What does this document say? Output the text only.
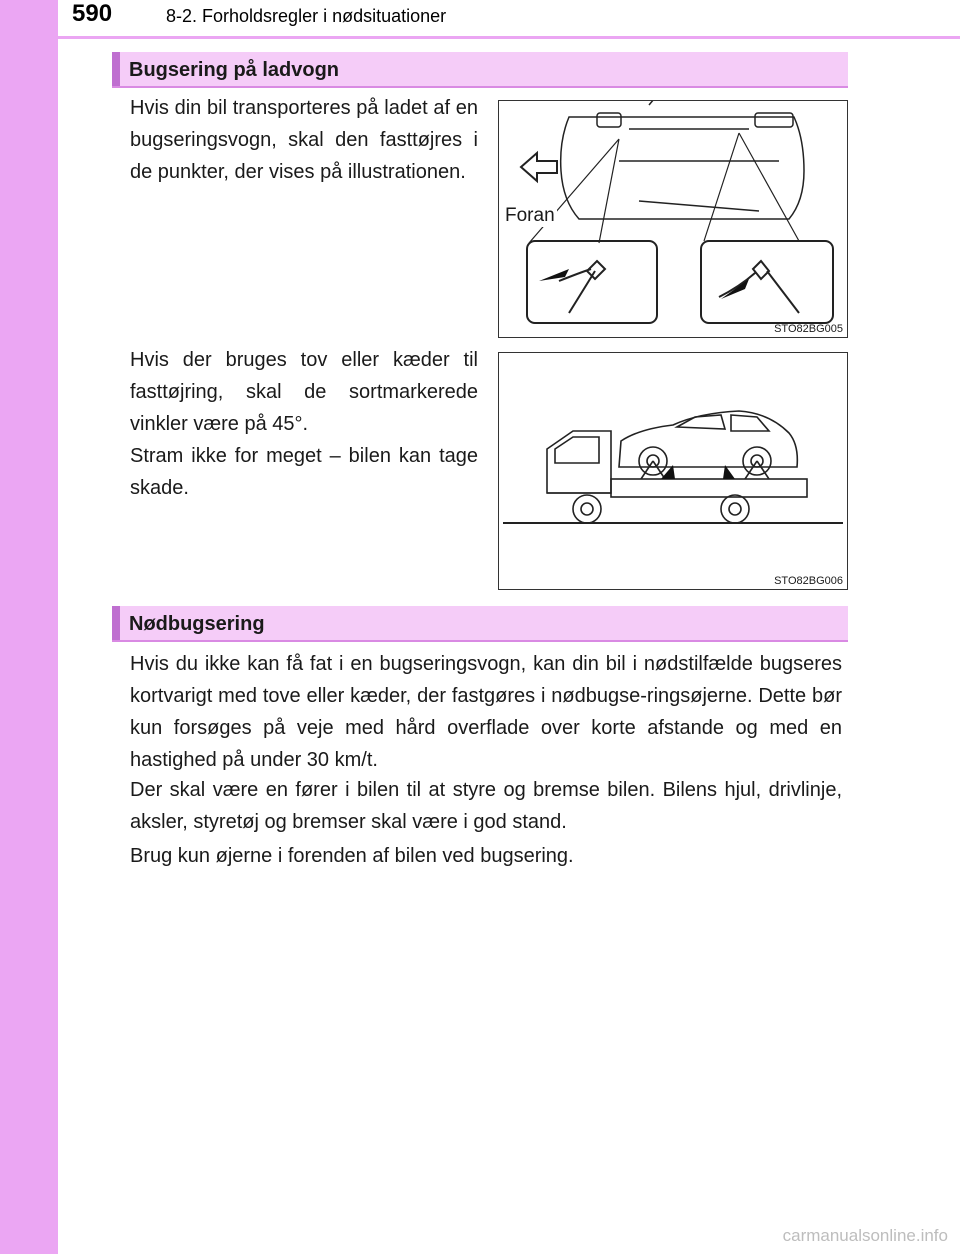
590	8-2. Forholdsregler i nødsituationer
Bugsering på ladvogn

Hvis din bil transporteres på ladet af en bugseringsvogn, skal den fasttøjres i de punkter, der vises på illustrationen.

Hvis der bruges tov eller kæder til fasttøjring, skal de sortmarkerede vinkler være på 45°.

Stram ikke for meget – bilen kan tage skade.

Foran
STO82BG005
STO82BG006
Nødbugsering

Hvis du ikke kan få fat i en bugseringsvogn, kan din bil i nødstilfælde bugseres kortvarigt med tove eller kæder, der fastgøres i nødbugse-ringsøjerne. Dette bør kun forsøges på veje med hård overflade over korte afstande og med en hastighed på under 30 km/t.

Der skal være en fører i bilen til at styre og bremse bilen. Bilens hjul, drivlinje, aksler, styretøj og bremser skal være i god stand.

Brug kun øjerne i forenden af bilen ved bugsering.

carmanualsonline.info
